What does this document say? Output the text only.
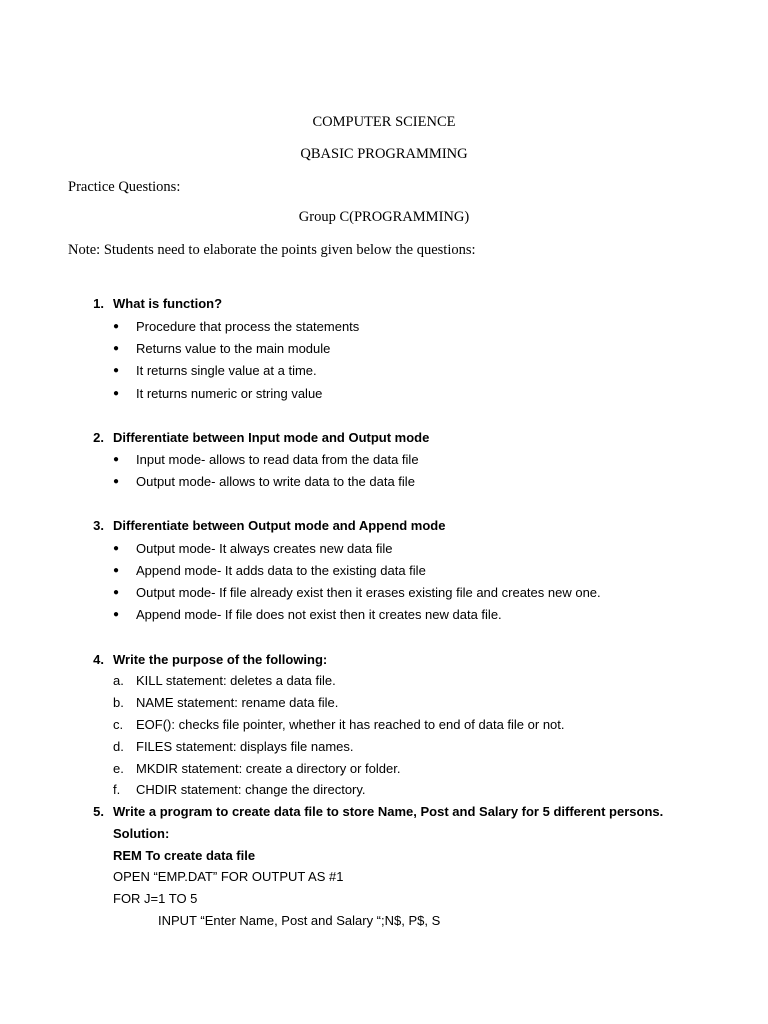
COMPUTER SCIENCE
QBASIC PROGRAMMING
Practice Questions:
Group C(PROGRAMMING)
Note: Students need to elaborate the points given below the questions:
1. What is function?
● Procedure that process the statements
● Returns value to the main module
● It returns single value at a time.
● It returns numeric or string value
2. Differentiate between Input mode and Output mode
● Input mode- allows to read data from the data file
● Output mode- allows to write data to the data file
3. Differentiate between Output mode and Append mode
● Output mode- It always creates new data file
● Append mode- It adds data to the existing data file
● Output mode- If file already exist then it erases existing file and creates new one.
● Append mode- If file does not exist then it creates new data file.
4. Write the purpose of the following:
a. KILL statement: deletes a data file.
b. NAME statement: rename data file.
c. EOF(): checks file pointer, whether it has reached to end of data file or not.
d. FILES statement: displays file names.
e. MKDIR statement: create a directory or folder.
f. CHDIR statement: change the directory.
5. Write a program to create data file to store Name, Post and Salary for 5 different persons.
Solution:
REM To create data file
OPEN “EMP.DAT” FOR OUTPUT AS #1
FOR J=1 TO 5
INPUT “Enter Name, Post and Salary “;N$, P$, S
